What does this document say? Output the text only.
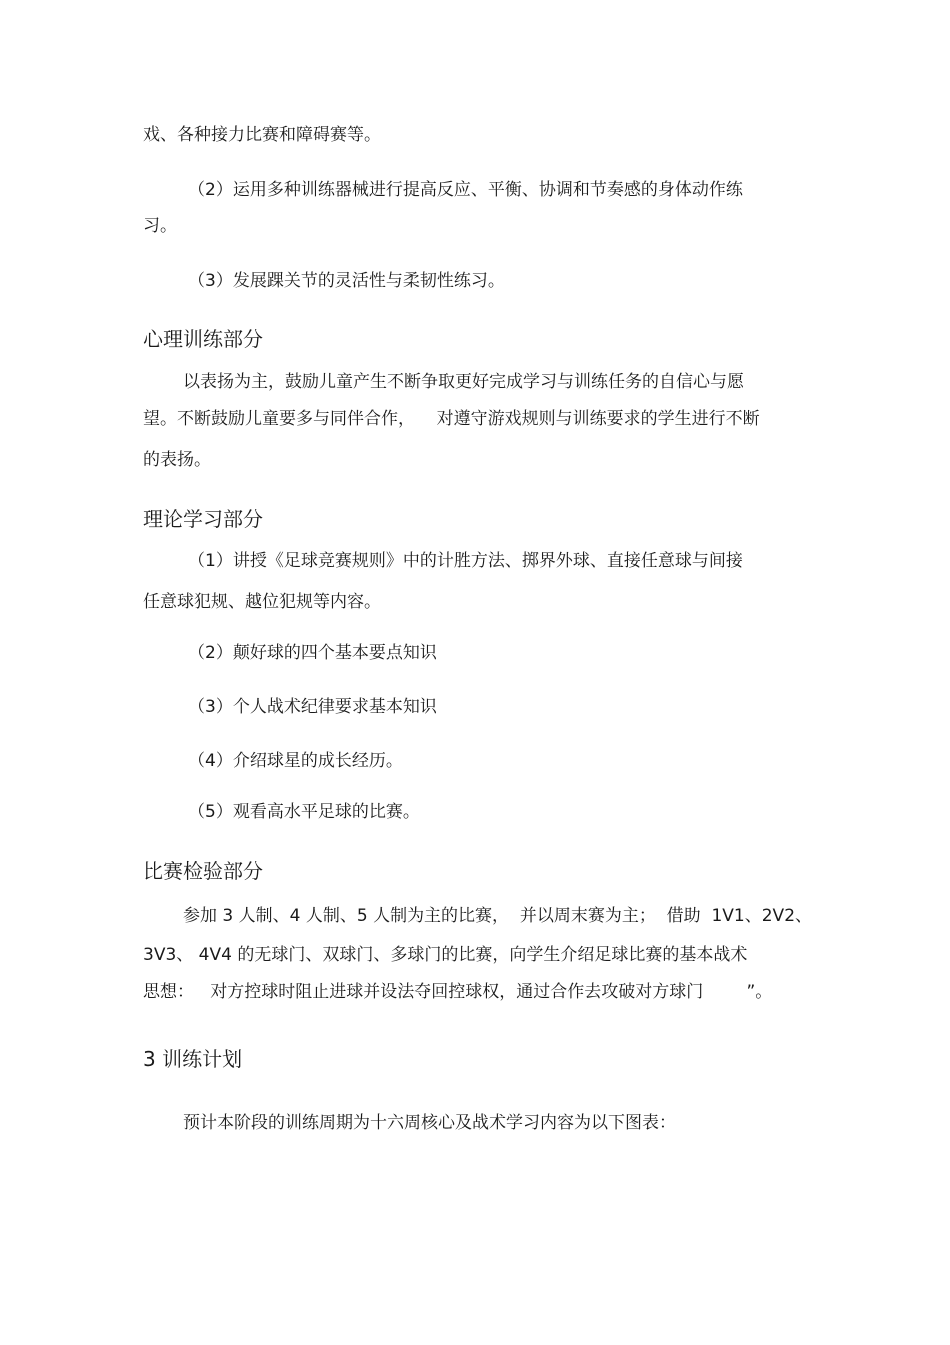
戏、各种接力比赛和障碍赛等。

（2）运用多种训练器械进行提高反应、平衡、协调和节奏感的身体动作练

习。

（3）发展踝关节的灵活性与柔韧性练习。

心理训练部分

以表扬为主，鼓励儿童产生不断争取更好完成学习与训练任务的自信心与愿

望。不断鼓励儿童要多与同伴合作，    对遵守游戏规则与训练要求的学生进行不断

的表扬。

理论学习部分

（1）讲授《足球竞赛规则》中的计胜方法、掷界外球、直接任意球与间接

任意球犯规、越位犯规等内容。

（2）颠好球的四个基本要点知识

（3）个人战术纪律要求基本知识

（4）介绍球星的成长经历。

（5）观看高水平足球的比赛。

比赛检验部分

参加 3 人制、4 人制、5 人制为主的比赛，  并以周末赛为主；  借助  1V1、2V2、

3V3、 4V4 的无球门、双球门、多球门的比赛，向学生介绍足球比赛的基本战术

思想：   对方控球时阻止进球并设法夺回控球权，通过合作去攻破对方球门        ”。

3 训练计划

预计本阶段的训练周期为十六周核心及战术学习内容为以下图表：
